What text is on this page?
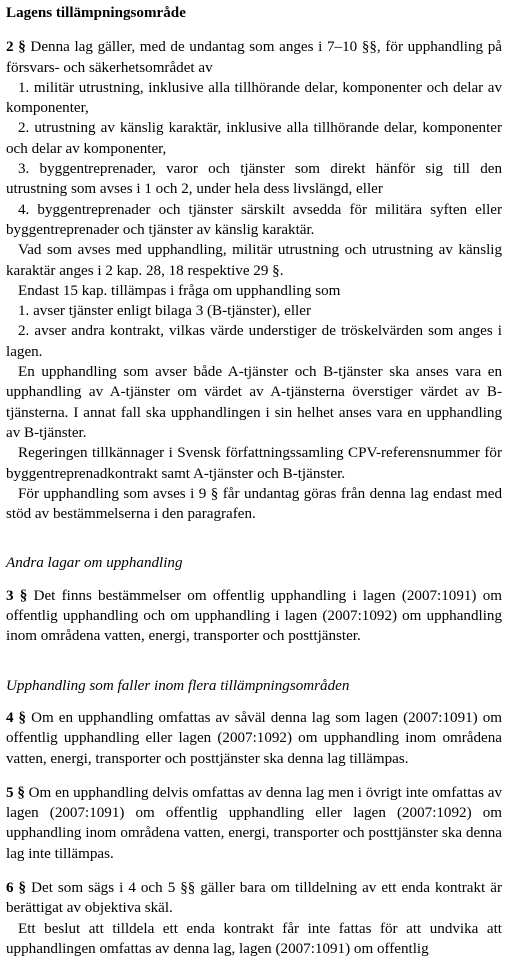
Lagens tillämpningsområde

2 § Denna lag gäller, med de undantag som anges i 7–10 §§, för upphandling på försvars- och säkerhetsområdet av

1. militär utrustning, inklusive alla tillhörande delar, komponenter och delar av komponenter,

2. utrustning av känslig karaktär, inklusive alla tillhörande delar, komponenter och delar av komponenter,

3. byggentreprenader, varor och tjänster som direkt hänför sig till den utrustning som avses i 1 och 2, under hela dess livslängd, eller

4. byggentreprenader och tjänster särskilt avsedda för militära syften eller byggentreprenader och tjänster av känslig karaktär.

Vad som avses med upphandling, militär utrustning och utrustning av känslig karaktär anges i 2 kap. 28, 18 respektive 29 §.

Endast 15 kap. tillämpas i fråga om upphandling som

1. avser tjänster enligt bilaga 3 (B-tjänster), eller

2. avser andra kontrakt, vilkas värde understiger de tröskelvärden som anges i lagen.

En upphandling som avser både A-tjänster och B-tjänster ska anses vara en upphandling av A-tjänster om värdet av A-tjänsterna överstiger värdet av B-tjänsterna. I annat fall ska upphandlingen i sin helhet anses vara en upphandling av B-tjänster.

Regeringen tillkännager i Svensk författningssamling CPV-referensnummer för byggentreprenadkontrakt samt A-tjänster och B-tjänster.

För upphandling som avses i 9 § får undantag göras från denna lag endast med stöd av bestämmelserna i den paragrafen.

Andra lagar om upphandling

3 § Det finns bestämmelser om offentlig upphandling i lagen (2007:1091) om offentlig upphandling och om upphandling i lagen (2007:1092) om upphandling inom områdena vatten, energi, transporter och posttjänster.

Upphandling som faller inom flera tillämpningsområden

4 § Om en upphandling omfattas av såväl denna lag som lagen (2007:1091) om offentlig upphandling eller lagen (2007:1092) om upphandling inom områdena vatten, energi, transporter och posttjänster ska denna lag tillämpas.

5 § Om en upphandling delvis omfattas av denna lag men i övrigt inte omfattas av lagen (2007:1091) om offentlig upphandling eller lagen (2007:1092) om upphandling inom områdena vatten, energi, transporter och posttjänster ska denna lag inte tillämpas.

6 § Det som sägs i 4 och 5 §§ gäller bara om tilldelning av ett enda kontrakt är berättigat av objektiva skäl.

Ett beslut att tilldela ett enda kontrakt får inte fattas för att undvika att upphandlingen omfattas av denna lag, lagen (2007:1091) om offentlig
